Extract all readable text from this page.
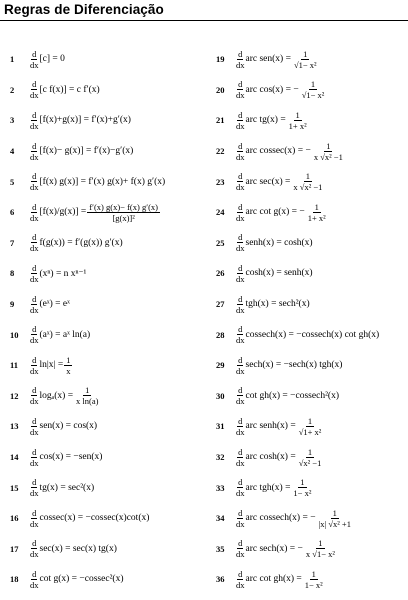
Regras de Diferenciação
1	$\frac{d}{dx} [c] = 0$
2	$\frac{d}{dx} [c$ f(x)] = c f′(x)
3	$\frac{d}{dx} [f(x)+g(x)] = f'(x)+g'(x)$
4	$\frac{d}{dx} [f(x)- g(x)] = f'(x)-g'(x)$
5	$\frac{d}{dx} [f(x) g(x)] = f'(x)$ g(x)+ f(x) g′(x)
6	$\frac{d}{dx} [f(x)/g(x)] = \frac{f'(x) g(x)- f(x) g'(x)}{\text{[g(x)]²}}$
7	$\frac{d}{dx} f(g(x)) = f'(g(x))$ g′(x)
8	$\frac{d}{dx} (x^n) = n$ xⁿ⁻¹
9	$\frac{d}{dx}$ (eˣ) = eˣ
10	$\frac{d}{dx}$ (aˣ) = aˣ ln(a)
11	$\frac{d}{dx} \ln|x| = \frac{1}{x}$
12	$\frac{d}{dx} \log_a(x) = \frac{1}{\text{x ln(a)}}$
13	$\frac{d}{dx} sen(x) = \cos(x)$
14	$\frac{d}{dx} \cos(x) = -sen(x)$
15	$\frac{d}{dx} tg(x) = \sec^2(x)$
16	$\frac{d}{dx} cossec(x) = -cossec(x)\cot(x)$
17	$\frac{d}{dx} \sec(x) = \sec(x)$ tg(x)
18	$\frac{d}{dx}$ cot g(x) = −cossec²(x)
19	$\frac{d}{dx}$ arc $sen(x) = \frac{1}{\text{√1− x²}}$
20	$\frac{d}{dx}$ arc cos(x) = − $\frac{1}{\text{√1− x²}}$
21	$\frac{d}{dx}$ arc $tg(x) = \frac{1}{\text{1+ x²}}$
22	$\frac{d}{dx}$ arc cossec(x) = − $\frac{1}{\text{x √x² −1}}$
23	$\frac{d}{dx}$ arc $\sec(x) = \frac{1}{\text{x √x² −1}}$
24	$\frac{d}{dx}$ arc cot g(x) = − $\frac{1}{\text{1+ x²}}$
25	$\frac{d}{dx}$ senh(x) = cosh(x)
26	$\frac{d}{dx} \cosh(x)$ = senh(x)
27	$\frac{d}{dx} tgh(x) = \sec h^2(x)$
28	$\frac{d}{dx} cossech(x) = -cossech(x)$ cot gh(x)
29	$\frac{d}{dx} \sec h(x) = -\sec h(x)$ tgh(x)
30	$\frac{d}{dx}$ cot gh(x) = −cossech²(x)
31	$\frac{d}{dx}$ arc senh(x) = $\frac{1}{\text{√1+ x²}}$
32	$\frac{d}{dx}$ arc $\cosh(x) = \frac{1}{\text{√x² −1}}$
33	$\frac{d}{dx}$ arc $tgh(x) = \frac{1}{\text{1− x²}}$
34	$\frac{d}{dx}$ arc cossech(x) = − $\frac{1}{\text{|x| √x² +1}}$
35	$\frac{d}{dx}$ arc sech(x) = − $\frac{1}{\text{x √1− x²}}$
36	$\frac{d}{dx}$ arc $\cot gh(x) = \frac{1}{\text{1− x²}}$
